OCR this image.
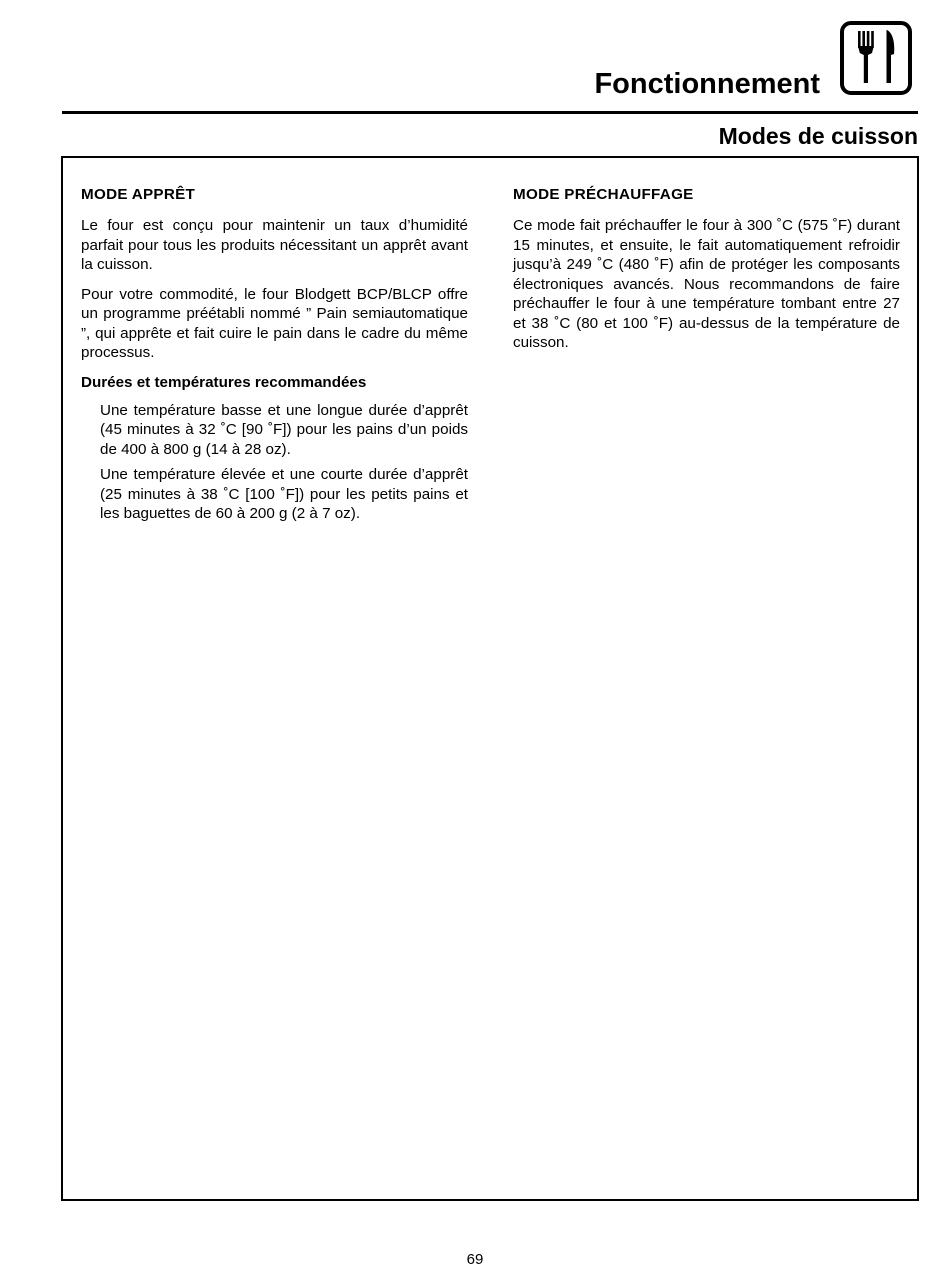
Fonctionnement
Modes de cuisson
MODE APPRÊT

Le four est conçu pour maintenir un taux d’humidité parfait pour tous les produits nécessitant un apprêt avant la cuisson.

Pour votre commodité, le four Blodgett BCP/BLCP offre un programme préétabli nommé ” Pain semiautomatique ”, qui apprête et fait cuire le pain dans le cadre du même processus.

Durées et températures recommandées

Une température basse et une longue durée d’apprêt (45 minutes à 32 ˚C [90 ˚F]) pour les pains d’un poids de 400 à 800 g (14 à 28 oz).

Une température élevée et une courte durée d’apprêt (25 minutes à 38 ˚C [100 ˚F]) pour les petits pains et les baguettes de 60 à 200 g (2 à 7 oz).

MODE PRÉCHAUFFAGE

Ce mode fait préchauffer le four à 300 ˚C (575 ˚F) durant 15 minutes, et ensuite, le fait automatiquement refroidir jusqu’à 249 ˚C (480 ˚F) afin de protéger les composants électroniques avancés. Nous recommandons de faire préchauffer le four à une température tombant entre 27 et 38 ˚C (80 et 100 ˚F) au-dessus de la température de cuisson.

69
